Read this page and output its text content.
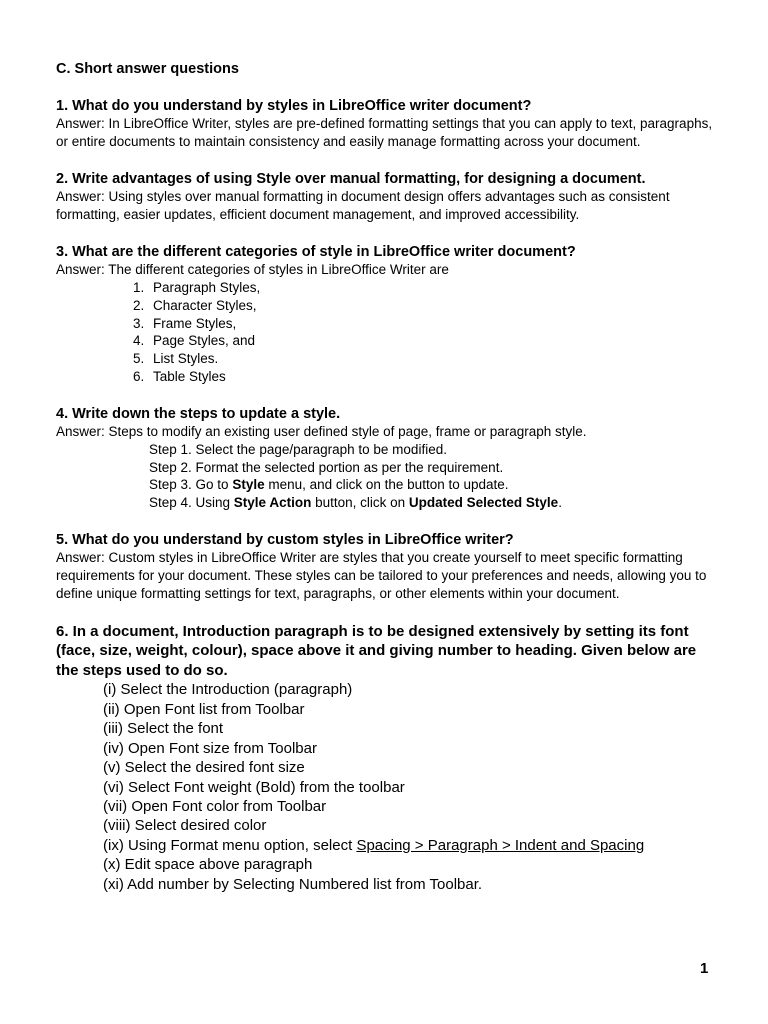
C. Short answer questions

1. What do you understand by styles in LibreOffice writer document?

Answer: In LibreOffice Writer, styles are pre-defined formatting settings that you can apply to text, paragraphs, or entire documents to maintain consistency and easily manage formatting across your document.

2. Write advantages of using Style over manual formatting, for designing a document.

Answer: Using styles over manual formatting in document design offers advantages such as consistent formatting, easier updates, efficient document management, and improved accessibility.

3. What are the different categories of style in LibreOffice writer document?

Answer: The different categories of styles in LibreOffice Writer are

1. Paragraph Styles,
2. Character Styles,
3. Frame Styles,
4. Page Styles, and
5. List Styles.
6. Table Styles

4. Write down the steps to update a style.

Answer: Steps to modify an existing user defined style of page, frame or paragraph style.

Step 1. Select the page/paragraph to be modified.
Step 2. Format the selected portion as per the requirement.
Step 3. Go to Style menu, and click on the button to update.
Step 4. Using Style Action button, click on Updated Selected Style.

5. What do you understand by custom styles in LibreOffice writer?

Answer: Custom styles in LibreOffice Writer are styles that you create yourself to meet specific formatting requirements for your document. These styles can be tailored to your preferences and needs, allowing you to define unique formatting settings for text, paragraphs, or other elements within your document.

6. In a document, Introduction paragraph is to be designed extensively by setting its font (face, size, weight, colour), space above it and giving number to heading. Given below are the steps used to do so.

(i) Select the Introduction (paragraph)
(ii) Open Font list from Toolbar
(iii) Select the font
(iv) Open Font size from Toolbar
(v) Select the desired font size
(vi) Select Font weight (Bold) from the toolbar
(vii) Open Font color from Toolbar
(viii) Select desired color
(ix) Using Format menu option, select Spacing > Paragraph > Indent and Spacing
(x) Edit space above paragraph
(xi) Add number by Selecting Numbered list from Toolbar.
1
